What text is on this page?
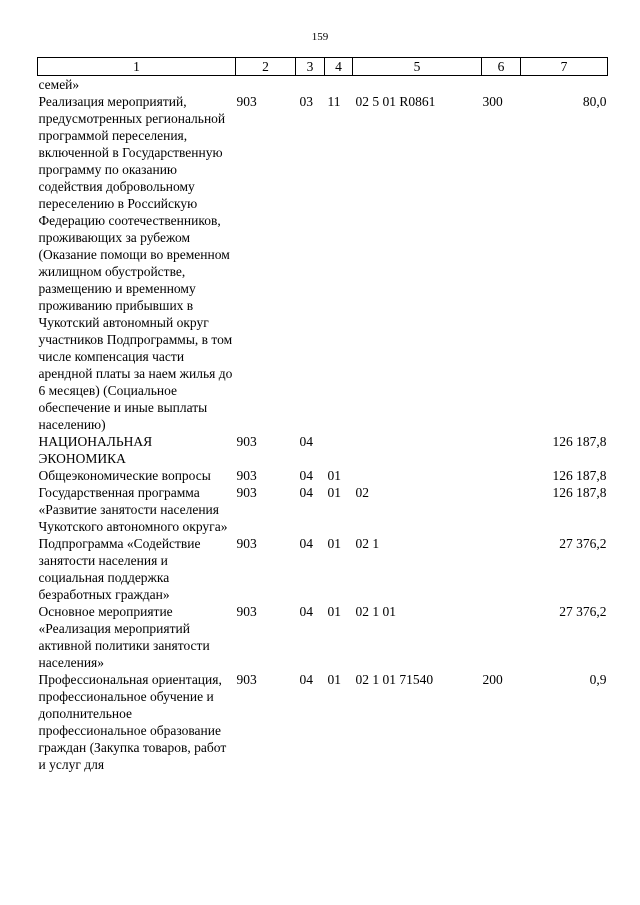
159
1	2	3	4	5	6	7
семей»						
Реализация мероприятий, предусмотренных региональной программой переселения, включенной в Государственную программу по оказанию содействия добровольному переселению в Российскую Федерацию соотечественников, проживающих за рубежом (Оказание помощи во временном жилищном обустройстве, размещению и временному проживанию прибывших в Чукотский автономный округ участников Подпрограммы, в том числе компенсация части арендной платы за наем жилья до 6 месяцев) (Социальное обеспечение и иные выплаты населению)	903	03	11	02 5 01 R0861	300	80,0
НАЦИОНАЛЬНАЯ ЭКОНОМИКА	903	04				126 187,8
Общеэкономические вопросы	903	04	01			126 187,8
Государственная программа «Развитие занятости населения Чукотского автономного округа»	903	04	01	02		126 187,8
Подпрограмма «Содействие занятости населения и социальная поддержка безработных граждан»	903	04	01	02 1		27 376,2
Основное мероприятие «Реализация мероприятий активной политики занятости населения»	903	04	01	02 1 01		27 376,2
Профессиональная ориентация, профессиональное обучение и дополнительное профессиональное образование граждан (Закупка товаров, работ и услуг для	903	04	01	02 1 01 71540	200	0,9
